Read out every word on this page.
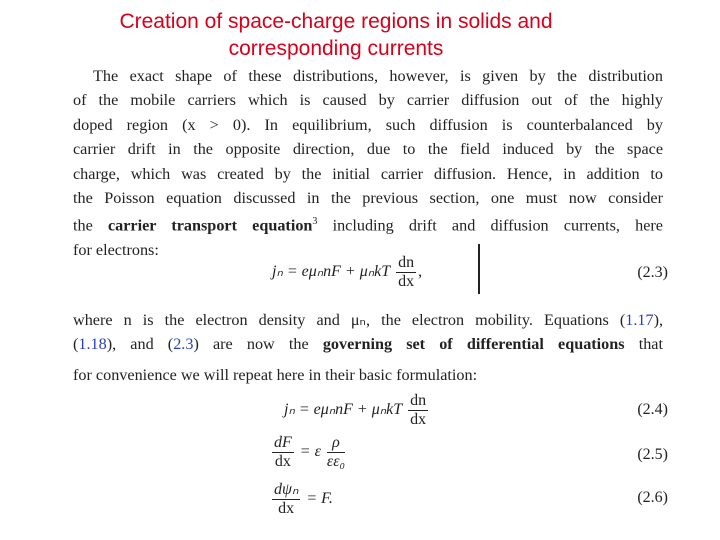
Creation of space-charge regions in solids and
corresponding currents
The exact shape of these distributions, however, is given by the distribution
of the mobile carriers which is caused by carrier diffusion out of the highly
doped region (x > 0). In equilibrium, such diffusion is counterbalanced by
carrier drift in the opposite direction, due to the field induced by the space
charge, which was created by the initial carrier diffusion. Hence, in addition to
the Poisson equation discussed in the previous section, one must now consider
the carrier transport equation$^3$ including drift and diffusion currents, here
for electrons:
jₙ = eμₙnF + μₙkT $\frac{dn}{dx}$ ,	(2.3)
where n is the electron density and μₙ, the electron mobility. Equations (1.17),
(1.18), and (2.3) are now the governing set of differential equations that
for convenience we will repeat here in their basic formulation:
jₙ = eμₙnF + μₙkT $\frac{dn}{dx}$	(2.4)
$\frac{dF}{dx} = \varepsilon \frac{\rho}{\text{εε₀}}$	(2.5)
$\frac{\text{dψₙ}}{dx} = F$.	(2.6)
